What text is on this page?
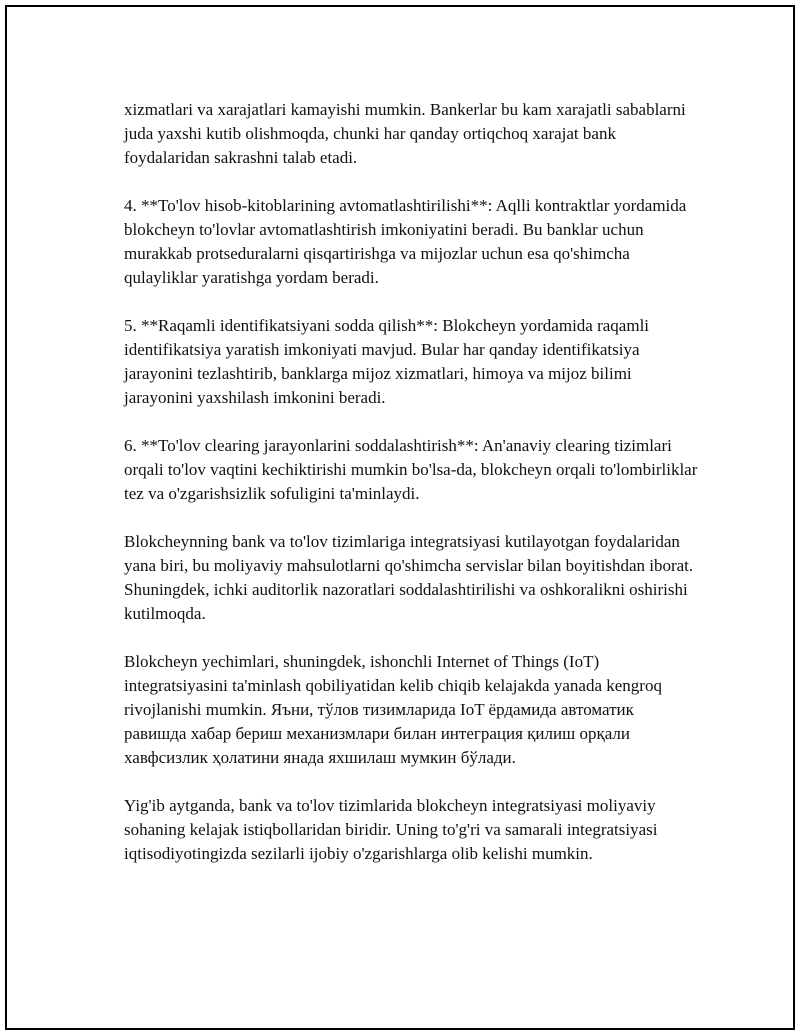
xizmatlari va xarajatlari kamayishi mumkin. Bankerlar bu kam xarajatli sabablarni juda yaxshi kutib olishmoqda, chunki har qanday ortiqchoq xarajat bank foydalaridan sakrashni talab etadi.

4. **To'lov hisob-kitoblarining avtomatlashtirilishi**: Aqlli kontraktlar yordamida blokcheyn to'lovlar avtomatlashtirish imkoniyatini beradi. Bu banklar uchun murakkab protseduralarni qisqartirishga va mijozlar uchun esa qo'shimcha qulayliklar yaratishga yordam beradi.

5. **Raqamli identifikatsiyani sodda qilish**: Blokcheyn yordamida raqamli identifikatsiya yaratish imkoniyati mavjud. Bular har qanday identifikatsiya jarayonini tezlashtirib, banklarga mijoz xizmatlari, himoya va mijoz bilimi jarayonini yaxshilash imkonini beradi.

6. **To'lov clearing jarayonlarini soddalashtirish**: An'anaviy clearing tizimlari orqali to'lov vaqtini kechiktirishi mumkin bo'lsa-da, blokcheyn orqali to'lombirliklar tez va o'zgarishsizlik sofuligini ta'minlaydi.

Blokcheynning bank va to'lov tizimlariga integratsiyasi kutilayotgan foydalaridan yana biri, bu moliyaviy mahsulotlarni qo'shimcha servislar bilan boyitishdan iborat. Shuningdek, ichki auditorlik nazoratlari soddalashtirilishi va oshkoralikni oshirishi kutilmoqda.

Blokcheyn yechimlari, shuningdek, ishonchli Internet of Things (IoT) integratsiyasini ta'minlash qobiliyatidan kelib chiqib kelajakda yanada kengroq rivojlanishi mumkin. Яъни, тўлов тизимларида IoT ёрдамида автоматик равишда хабар бериш механизмлари билан интеграция қилиш орқали хавфсизлик ҳолатини янада яхшилаш мумкин бўлади.

Yig'ib aytganda, bank va to'lov tizimlarida blokcheyn integratsiyasi moliyaviy sohaning kelajak istiqbollaridan biridir. Uning to'g'ri va samarali integratsiyasi iqtisodiyotingizda sezilarli ijobiy o'zgarishlarga olib kelishi mumkin.
